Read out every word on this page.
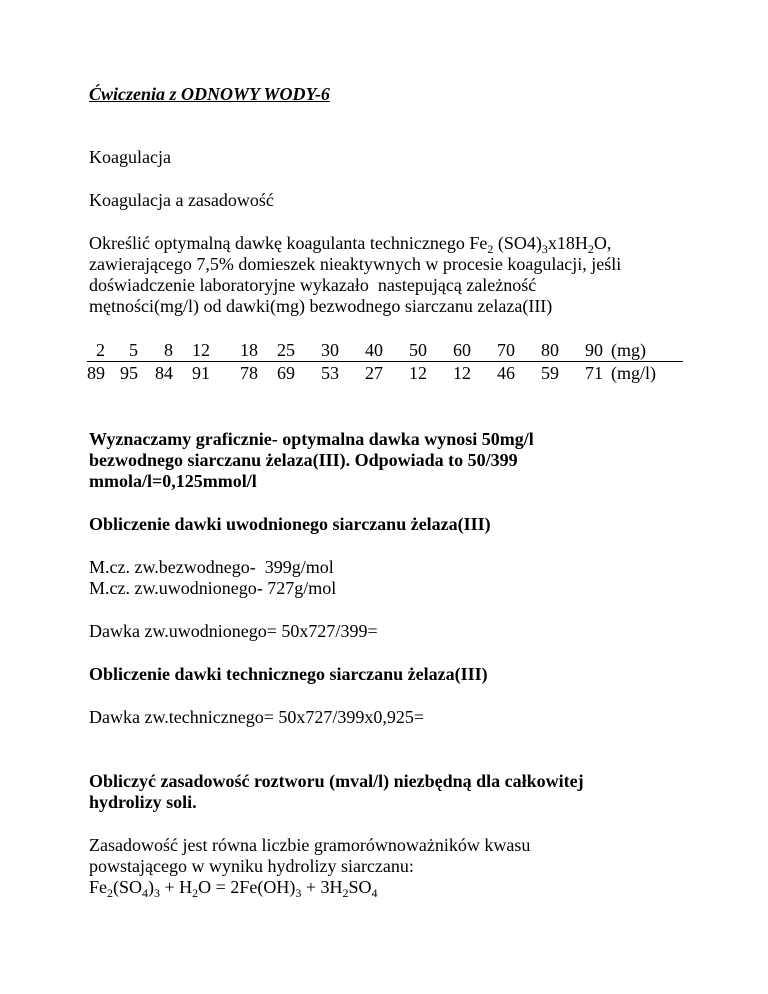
Ćwiczenia z ODNOWY WODY-6

Koagulacja

Koagulacja a zasadowość

Określić optymalną dawkę koagulanta technicznego $Fe_2$ $(SO4)_3x18H_2O$,

zawierającego 7,5% domieszek nieaktywnych w procesie koagulacji, jeśli

doświadczenie laboratoryjne wykazało  nastepującą zależność

mętności(mg/l) od dawki(mg) bezwodnego siarczanu zelaza(III)

2	5	8	12	18	25	30	40	50	60	70	80	90	(mg)
89	95	84	91	78	69	53	27	12	12	46	59	71	(mg/l)

Wyznaczamy graficznie- optymalna dawka wynosi 50mg/l

bezwodnego siarczanu żelaza(III). Odpowiada to 50/399

mmola/l=0,125mmol/l

Obliczenie dawki uwodnionego siarczanu żelaza(III)

M.cz. zw.bezwodnego-  399g/mol

M.cz. zw.uwodnionego- 727g/mol

Dawka zw.uwodnionego= 50x727/399=

Obliczenie dawki technicznego siarczanu żelaza(III)

Dawka zw.technicznego= 50x727/399x0,925=

Obliczyć zasadowość roztworu (mval/l) niezbędną dla całkowitej

hydrolizy soli.

Zasadowość jest równa liczbie gramorównoważników kwasu

powstającego w wyniku hydrolizy siarczanu:

$Fe_2(SO_4)_3 + H_2O = 2Fe(OH)_3 + 3H_2SO_4$
